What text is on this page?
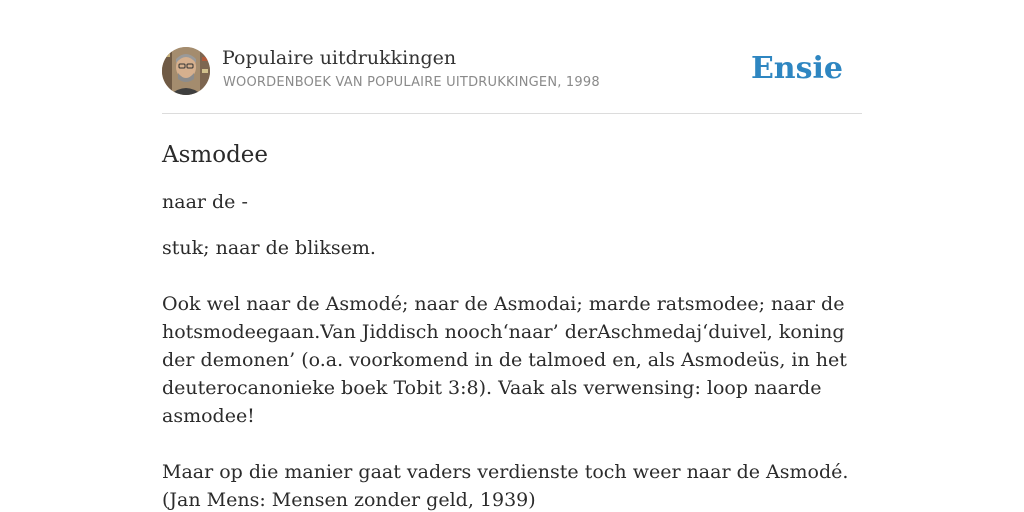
Populaire uitdrukkingen
WOORDENBOEK VAN POPULAIRE UITDRUKKINGEN, 1998	Ensie
Asmodee
naar de -

stuk; naar de bliksem.

Ook wel naar de Asmodé; naar de Asmodai; marde ratsmodee; naar de hotsmodeegaan.Van Jiddisch nooch‘naar’ derAschmedaj‘duivel, koning der demonen’ (o.a. voorkomend in de talmoed en, als Asmodeüs, in het deuterocanonieke boek Tobit 3:8). Vaak als verwensing: loop naarde asmodee!

Maar op die manier gaat vaders verdienste toch weer naar de Asmodé. (Jan Mens: Mensen zonder geld, 1939)
